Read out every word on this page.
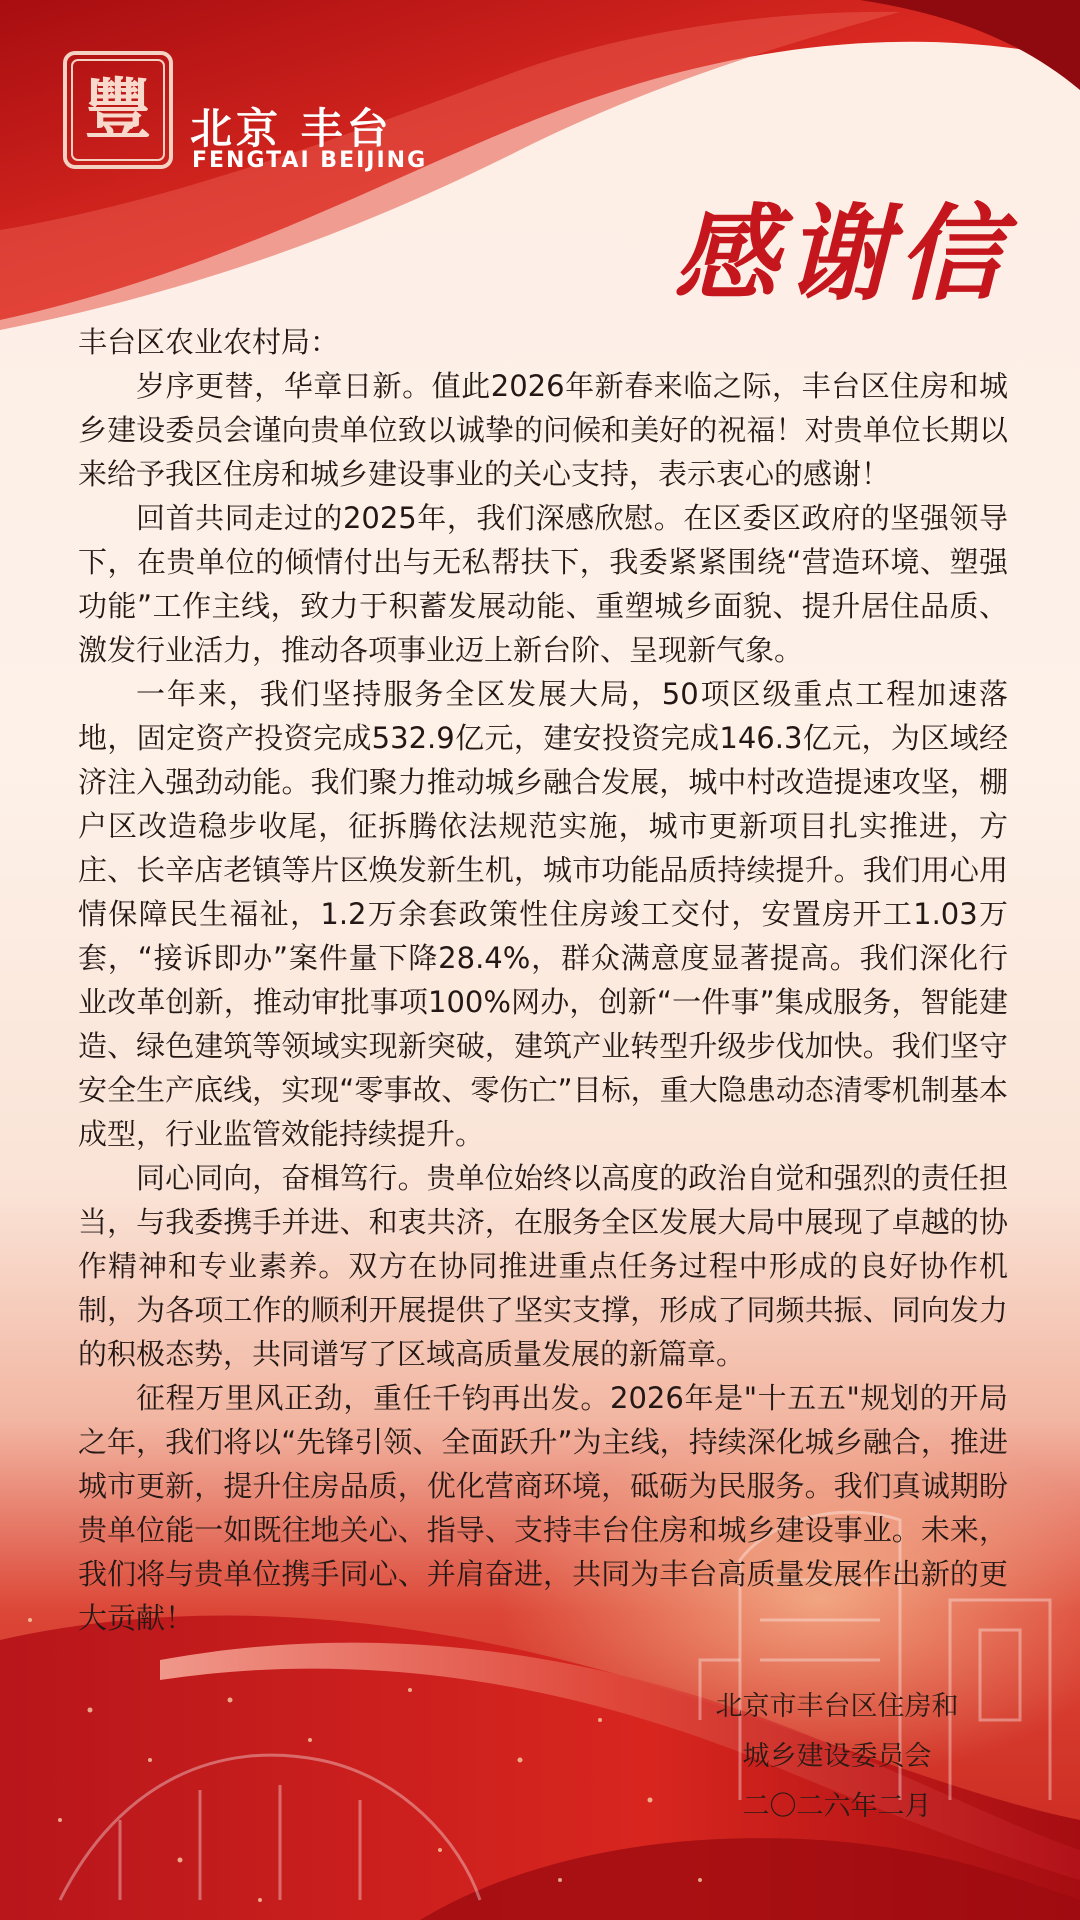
豐 北京 丰台
FENGTAI BEIJING
感谢信

丰台区农业农村局：

岁序更替，华章日新。值此2026年新春来临之际，丰台区住房和城乡建设委员会谨向贵单位致以诚挚的问候和美好的祝福！对贵单位长期以来给予我区住房和城乡建设事业的关心支持，表示衷心的感谢！

回首共同走过的2025年，我们深感欣慰。在区委区政府的坚强领导下，在贵单位的倾情付出与无私帮扶下，我委紧紧围绕“营造环境、塑强功能”工作主线，致力于积蓄发展动能、重塑城乡面貌、提升居住品质、激发行业活力，推动各项事业迈上新台阶、呈现新气象。

一年来，我们坚持服务全区发展大局，50项区级重点工程加速落地，固定资产投资完成532.9亿元，建安投资完成146.3亿元，为区域经济注入强劲动能。我们聚力推动城乡融合发展，城中村改造提速攻坚，棚户区改造稳步收尾，征拆腾依法规范实施，城市更新项目扎实推进，方庄、长辛店老镇等片区焕发新生机，城市功能品质持续提升。我们用心用情保障民生福祉，1.2万余套政策性住房竣工交付，安置房开工1.03万套，“接诉即办”案件量下降28.4%，群众满意度显著提高。我们深化行业改革创新，推动审批事项100%网办，创新“一件事”集成服务，智能建造、绿色建筑等领域实现新突破，建筑产业转型升级步伐加快。我们坚守安全生产底线，实现“零事故、零伤亡”目标，重大隐患动态清零机制基本成型，行业监管效能持续提升。

同心同向，奋楫笃行。贵单位始终以高度的政治自觉和强烈的责任担当，与我委携手并进、和衷共济，在服务全区发展大局中展现了卓越的协作精神和专业素养。双方在协同推进重点任务过程中形成的良好协作机制，为各项工作的顺利开展提供了坚实支撑，形成了同频共振、同向发力的积极态势，共同谱写了区域高质量发展的新篇章。

征程万里风正劲，重任千钧再出发。2026年是"十五五"规划的开局之年，我们将以“先锋引领、全面跃升”为主线，持续深化城乡融合，推进城市更新，提升住房品质，优化营商环境，砥砺为民服务。我们真诚期盼贵单位能一如既往地关心、指导、支持丰台住房和城乡建设事业。未来，我们将与贵单位携手同心、并肩奋进，共同为丰台高质量发展作出新的更大贡献！

北京市丰台区住房和
城乡建设委员会
二〇二六年二月
